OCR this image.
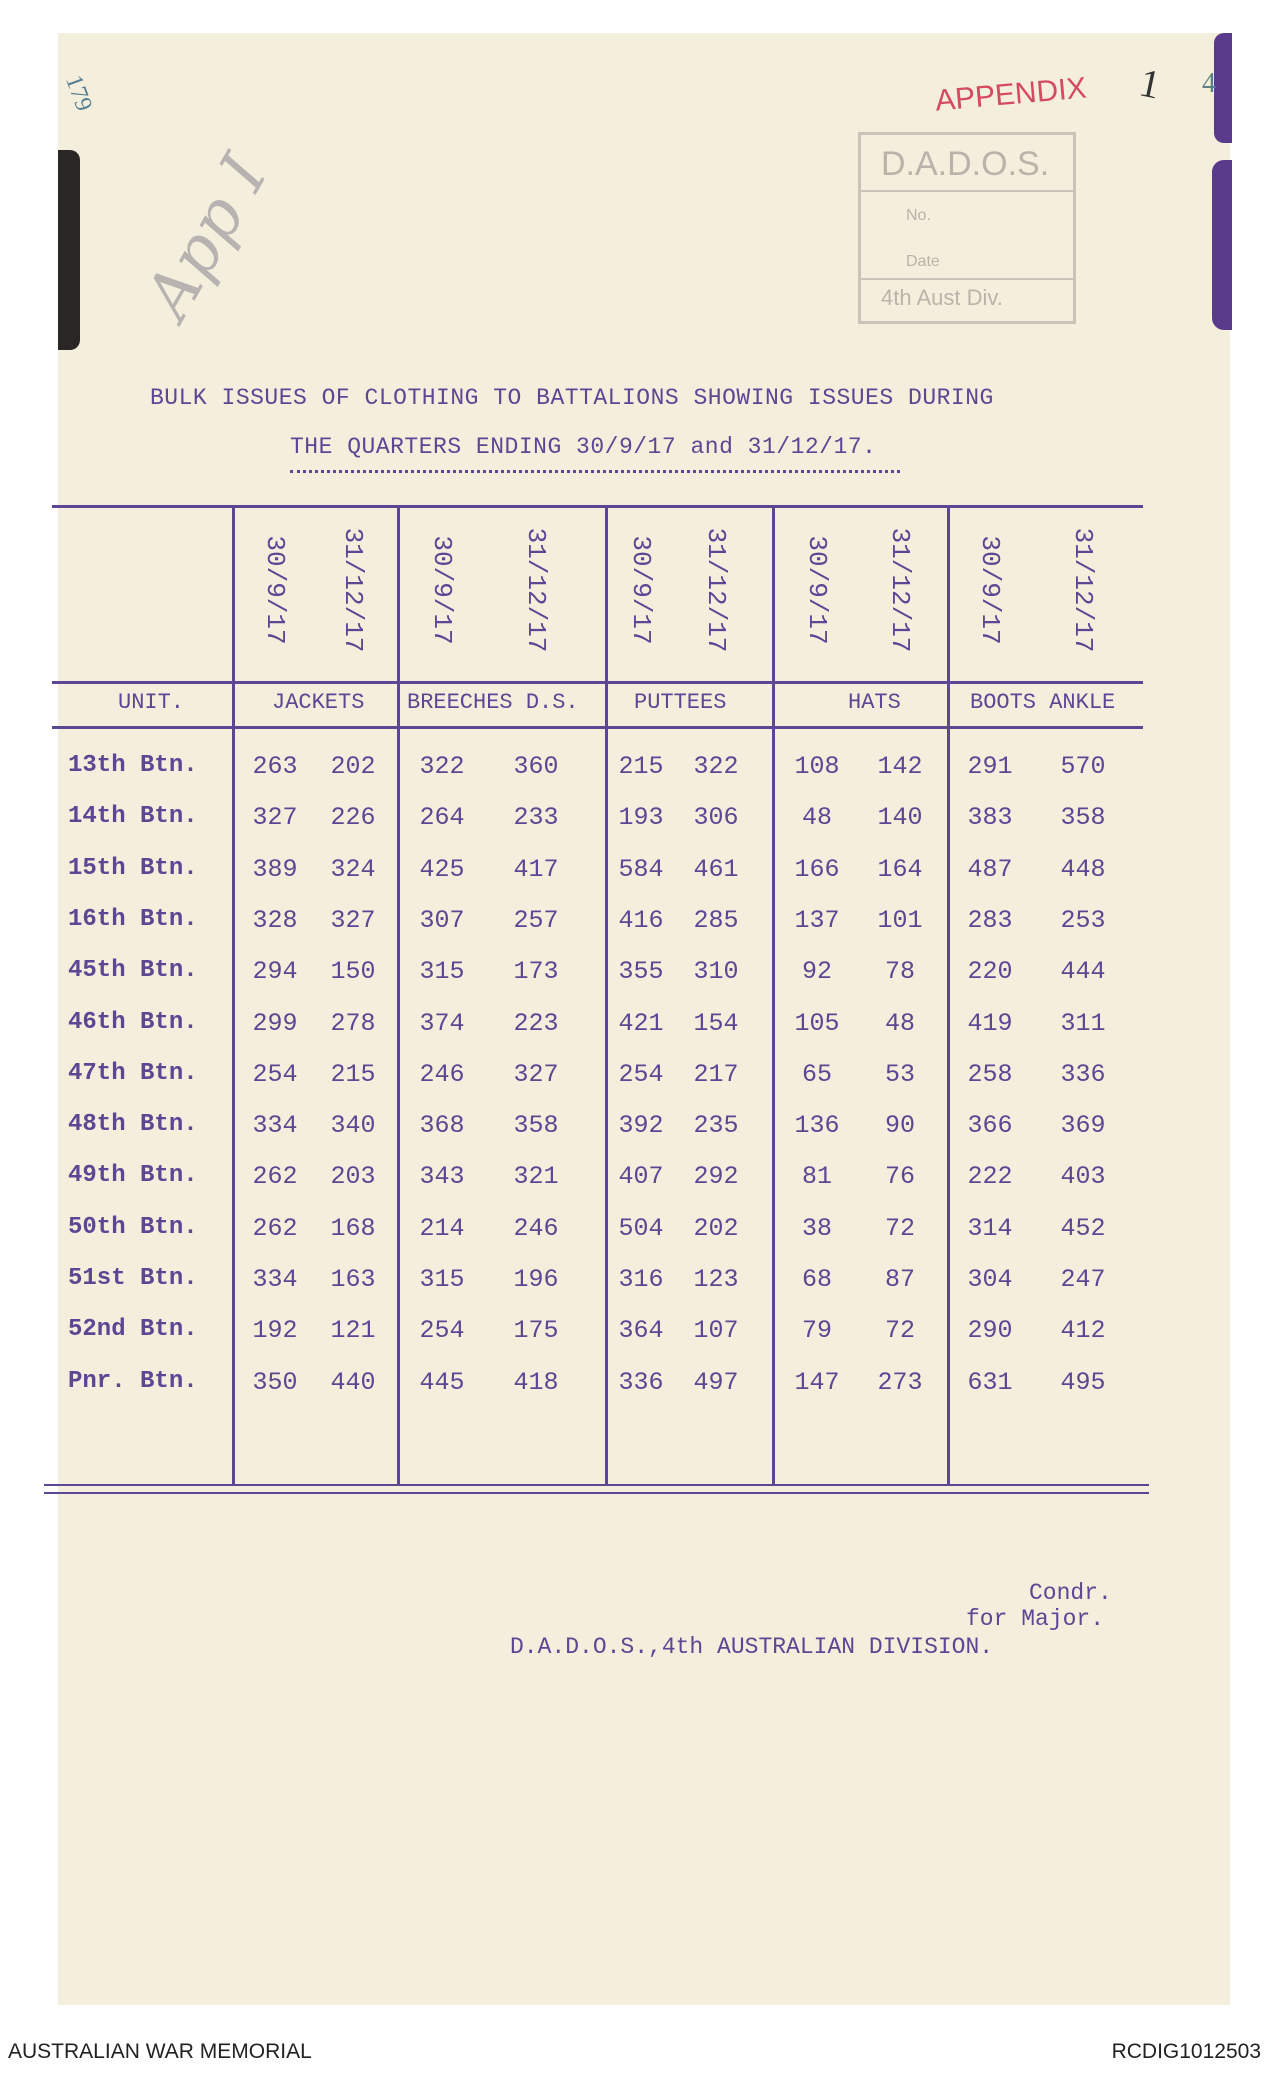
179
App I
APPENDIX 1 4
D.A.D.O.S.
No.
Date
4th Aust Div.
BULK ISSUES OF CLOTHING TO BATTALIONS SHOWING ISSUES DURING
THE QUARTERS ENDING 30/9/17 and 31/12/17.
30/9/17 31/12/17 30/9/17 31/12/17	30/9/17 31/12/17	30/9/17 31/12/17 30/9/17 31/12/17
UNIT.	JACKETS BREECHES D.S.	PUTTEES	HATS	BOOTS ANKLE
13th Btn. 263 202 322 360 215 322 108 142 291 570
14th Btn. 327 226 264 233 193 306	48 140 383 358
15th Btn. 389 324 425 417 584 461 166 164 487 448
16th Btn. 328 327 307 257 416 285 137 101 283 253
45th Btn. 294 150 315 173 355 310	92 78 220 444
46th Btn. 299 278 374 223 421 154 105 48 419 311
47th Btn. 254 215 246 327 254 217	65 53 258 336
48th Btn. 334 340 368 358 392 235 136 90 366 369
49th Btn. 262 203 343 321 407 292	81 76 222 403
50th Btn. 262 168 214 246 504 202	38 72 314 452
51st Btn. 334 163 315 196 316 123	68 87 304 247
52nd Btn. 192 121 254 175 364 107	79 72 290 412
Pnr. Btn. 350 440 445 418 336 497 147 273 631 495
Condr.
for Major.
D.A.D.O.S.,4th AUSTRALIAN DIVISION.
AUSTRALIAN WAR MEMORIAL	RCDIG1012503
